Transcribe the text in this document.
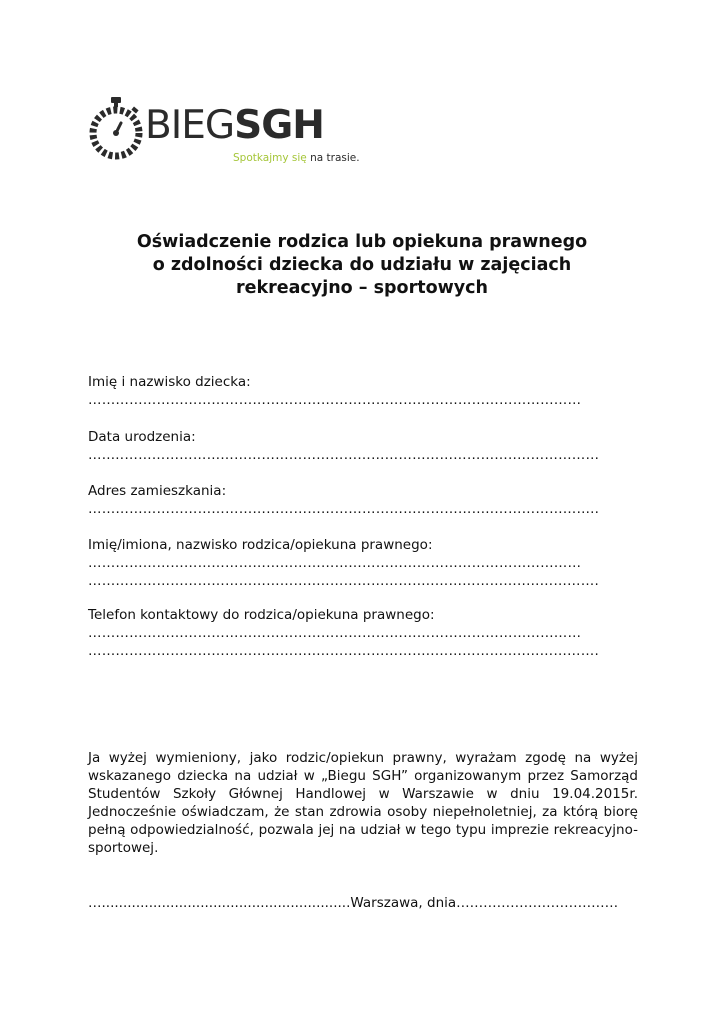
BIEGSGH
Spotkajmy się na trasie.
Oświadczenie rodzica lub opiekuna prawnego
o zdolności dziecka do udziału w zajęciach
rekreacyjno – sportowych
Imię i nazwisko dziecka:
………………………………………………………………………………………………
Data urodzenia:
…..……………………………………………………………………………..………………
Adres zamieszkania:
……………………………………………………………………………..…………………..
Imię/imiona, nazwisko rodzica/opiekuna prawnego:
………………………………………………………………………………………………
…………………………………………..……………………..………………..…………….
Telefon kontaktowy do rodzica/opiekuna prawnego:
………………………………………………………………………………………………
…………………………………………..……………………..………………..…………….
Ja wyżej wymieniony, jako rodzic/opiekun prawny, wyrażam zgodę na wyżej wskazanego dziecka na udział w „Biegu SGH” organizowanym przez Samorząd Studentów Szkoły Głównej Handlowej w Warszawie w dniu 19.04.2015r. Jednocześnie oświadczam, że stan zdrowia osoby niepełnoletniej, za którą biorę pełną odpowiedzialność, pozwala jej na udział w tego typu imprezie rekreacyjno-sportowej.
…..........................................................Warszawa, dnia………………………………
